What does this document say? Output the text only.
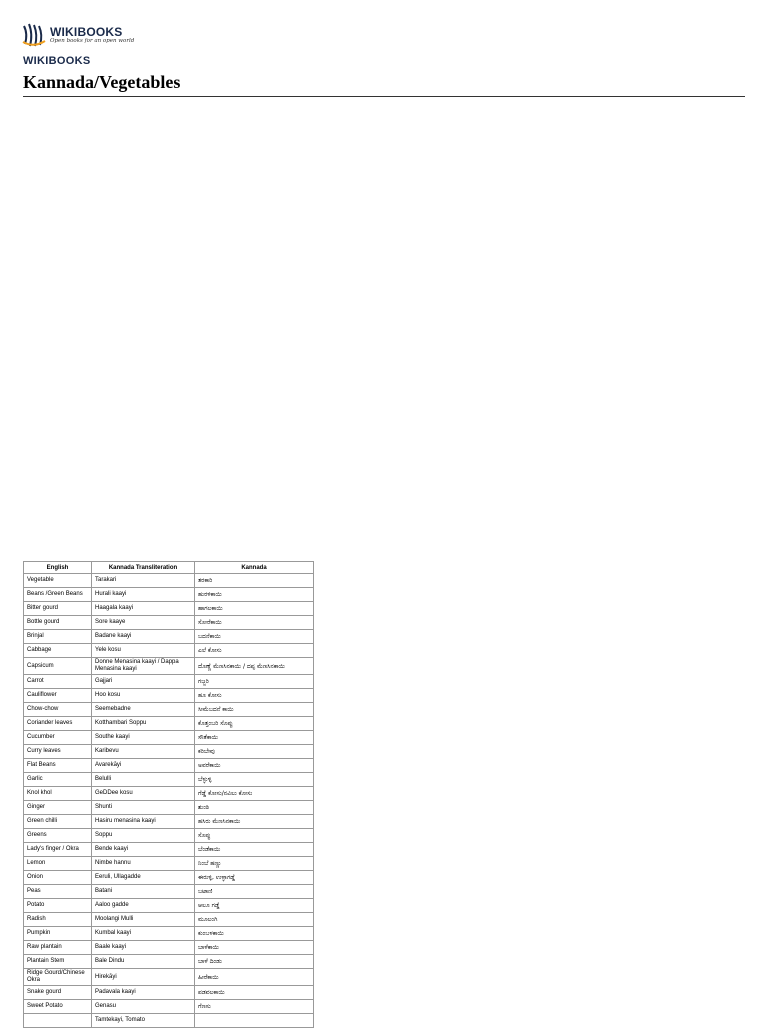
WIKIBOOKS
Open books for an open world
WIKIBOOKS
Kannada/Vegetables
English	Kannada Transliteration	Kannada
Vegetable	Tarakari	ತರಕಾರಿ
Beans /Green Beans	Hurali kaayi	ಹುರಳಿಕಾಯಿ
Bitter gourd	Haagala kaayi	ಹಾಗಲಕಾಯಿ
Bottle gourd	Sore kaaye	ಸೋರೆಕಾಯಿ
Brinjal	Badane kaayi	ಬದನೆಕಾಯಿ
Cabbage	Yele kosu	ಎಲೆ ಕೋಸು
Capsicum	Donne Menasina kaayi / Dappa Menasina kaayi	ದೊಣ್ಣೆ ಮೆಣಸಿನಕಾಯಿ / ದಪ್ಪ ಮೆಣಸಿನಕಾಯಿ
Carrot	Gajjari	ಗಜ್ಜರಿ
Cauliflower	Hoo kosu	ಹೂ ಕೋಸು
Chow-chow	Seemebadne	ಸೀಮೆಬದನೆ ಕಾಯಿ
Coriander leaves	Kotthambari Soppu	ಕೊತ್ತಂಬರಿ ಸೊಪ್ಪು
Cucumber	Southe kaayi	ಸೌತೆಕಾಯಿ
Curry leaves	Karibevu	ಕರಿಬೇವು
Flat Beans	Avarekāyi	ಅವರೆಕಾಯಿ
Garlic	Belulli	ಬೆಳ್ಳುಳ್ಳಿ
Knol khol	GeDDee kosu	ಗೆಡ್ಡೆ ಕೋಸು/ನವಿಲು ಕೋಸು
Ginger	Shunti	ಶುಂಠಿ
Green chilli	Hasiru menasina kaayi	ಹಸಿರು ಮೆಣಸಿನಕಾಯಿ
Greens	Soppu	ಸೊಪ್ಪು
Lady's finger / Okra	Bende kaayi	ಬೆಂಡೆಕಾಯಿ
Lemon	Nimbe hannu	ನಿಂಬೆ ಹಣ್ಣು
Onion	Eeruli, Ullagadde	ಈರುಳ್ಳಿ, ಉಳ್ಳಾಗಡ್ಡೆ
Peas	Batani	ಬಟಾಣಿ
Potato	Aaloo gadde	ಆಲೂ ಗಡ್ಡೆ
Radish	Moolangi Mulli	ಮೂಲಂಗಿ
Pumpkin	Kumbal kaayi	ಕುಂಬಳಕಾಯಿ
Raw plantain	Baale kaayi	ಬಾಳೆಕಾಯಿ
Plantain Stem	Bale Dindu	ಬಾಳೆ ದಿಂಡು
Ridge Gourd/Chinese Okra	Hirekāyi	ಹೀರೆಕಾಯಿ
Snake gourd	Padavala kaayi	ಪಡವಲಕಾಯಿ
Sweet Potato	Genasu	ಗೆಣಸು
	Tamtekayi, Tomato	
